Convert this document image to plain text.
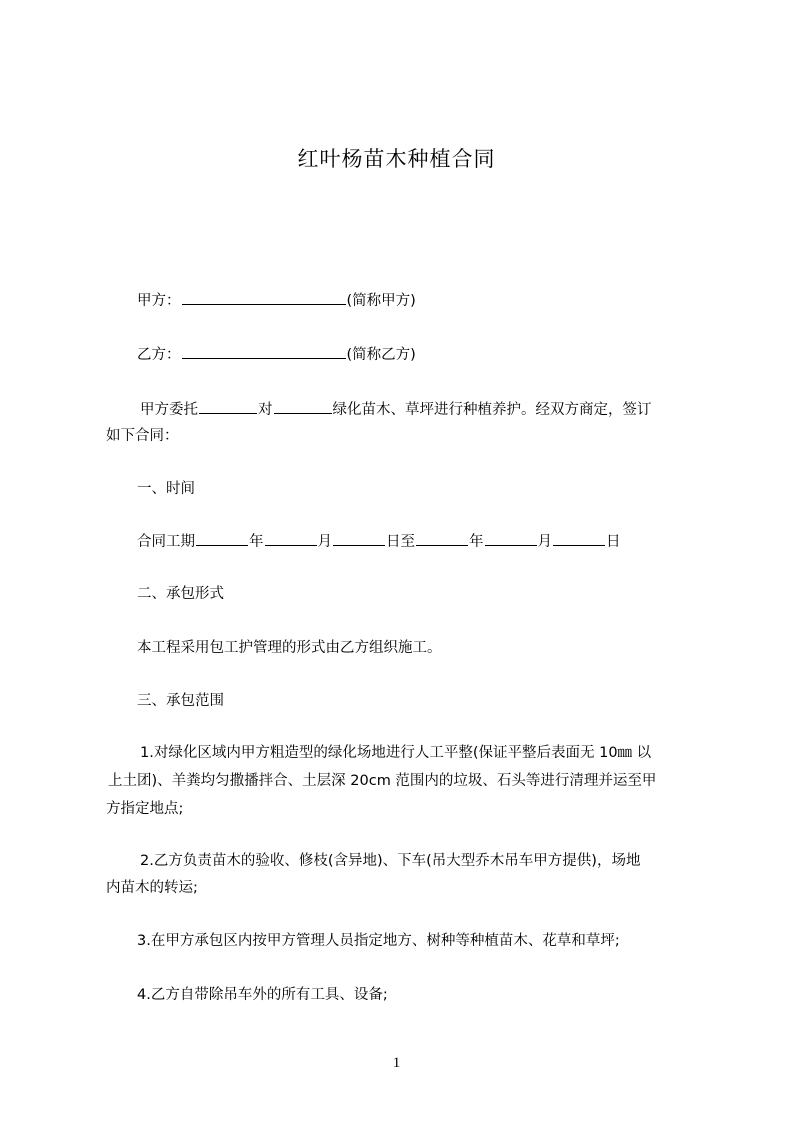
红叶杨苗木种植合同
甲方：	(简称甲方)
乙方：	(简称乙方)
甲方委托	对	绿化苗木、草坪进行种植养护。经双方商定，签订
如下合同：
一、时间
合同工期	年	月	日至	年	月	日
二、承包形式
本工程采用包工护管理的形式由乙方组织施工。
三、承包范围
1.对绿化区域内甲方粗造型的绿化场地进行人工平整(保证平整后表面无 10㎜ 以
上土团)、羊粪均匀撒播拌合、土层深 20cm 范围内的垃圾、石头等进行清理并运至甲
方指定地点;
2.乙方负责苗木的验收、修枝(含异地)、下车(吊大型乔木吊车甲方提供)，场地
内苗木的转运;
3.在甲方承包区内按甲方管理人员指定地方、树种等种植苗木、花草和草坪;
4.乙方自带除吊车外的所有工具、设备;
1
